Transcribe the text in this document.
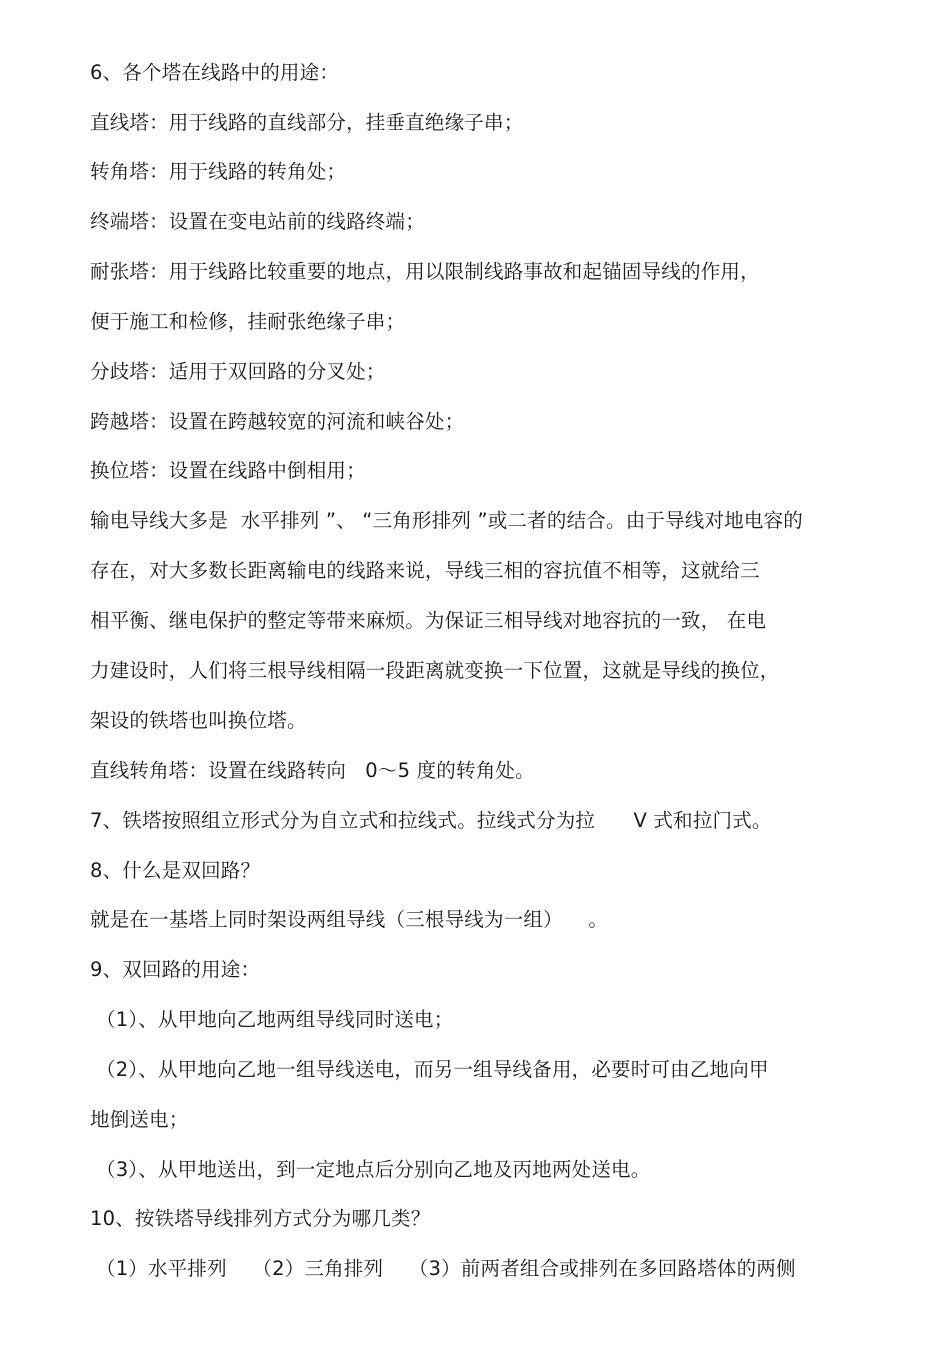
6、各个塔在线路中的用途：
直线塔：用于线路的直线部分，挂垂直绝缘子串；
转角塔：用于线路的转角处；
终端塔：设置在变电站前的线路终端；
耐张塔：用于线路比较重要的地点，用以限制线路事故和起锚固导线的作用，
便于施工和检修，挂耐张绝缘子串；
分歧塔：适用于双回路的分叉处；
跨越塔：设置在跨越较宽的河流和峡谷处；
换位塔：设置在线路中倒相用；
输电导线大多是  水平排列 ”、 “三角形排列 ”或二者的结合。由于导线对地电容的
存在，对大多数长距离输电的线路来说，导线三相的容抗值不相等，这就给三
相平衡、继电保护的整定等带来麻烦。为保证三相导线对地容抗的一致， 在电
力建设时，人们将三根导线相隔一段距离就变换一下位置，这就是导线的换位，
架设的铁塔也叫换位塔。
直线转角塔：设置在线路转向   0～5 度的转角处。
7、铁塔按照组立形式分为自立式和拉线式。拉线式分为拉      V 式和拉门式。
8、什么是双回路？
就是在一基塔上同时架设两组导线（三根导线为一组）    。
9、双回路的用途：
（1）、从甲地向乙地两组导线同时送电；
（2）、从甲地向乙地一组导线送电，而另一组导线备用，必要时可由乙地向甲
地倒送电；
（3）、从甲地送出，到一定地点后分别向乙地及丙地两处送电。
10、按铁塔导线排列方式分为哪几类？
（1）水平排列    （2）三角排列    （3）前两者组合或排列在多回路塔体的两侧
